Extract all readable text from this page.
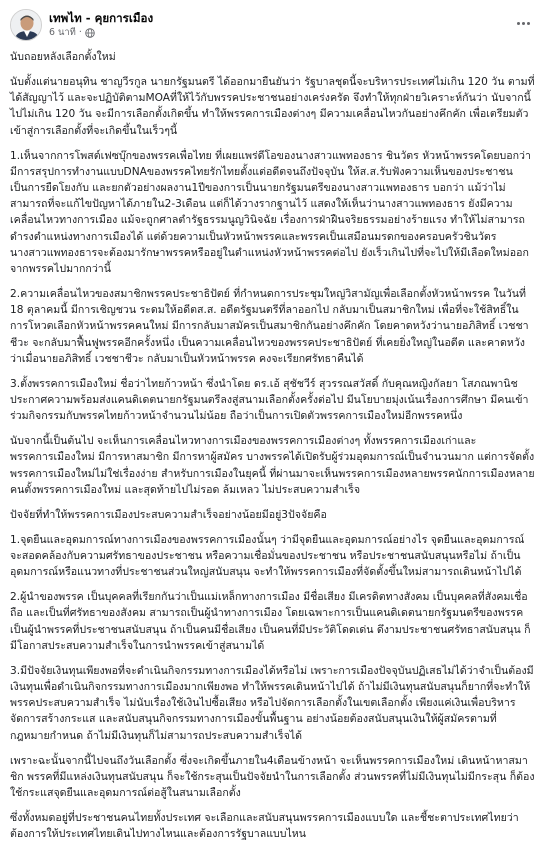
เทพไท - คุยการเมือง
6 นาที ·

นับถอยหลังเลือกตั้งใหม่

นับตั้งแต่นายอนุทิน ชาญวีรกูล นายกรัฐมนตรี ได้ออกมายืนยันว่า รัฐบาลชุดนี้จะบริหารประเทศไม่เกิน 120 วัน ตามที่ได้สัญญาไว้ และจะปฏิบัติตามMOAที่ให้ไว้กับพรรคประชาชนอย่างเคร่งครัด จึงทำให้ทุกฝ่ายวิเคราะห์กันว่า นับจากนี้ไปไม่เกิน 120 วัน จะมีการเลือกตั้งเกิดขึ้น ทำให้พรรคการเมืองต่างๆ มีความเคลื่อนไหวกันอย่างคึกคัก เพื่อเตรียมตัวเข้าสู่การเลือกตั้งที่จะเกิดขึ้นในเร็วๆนี้

1.เห็นจากการโพสต์เฟซบุ๊กของพรรคเพื่อไทย ที่เผยแพร่ดีโอของนางสาวแพทองธาร ชินวัตร หัวหน้าพรรคโดยบอกว่า มีการสรุปการทำงานแบบDNAของพรรคไทยรักไทยตั้งแต่อดีตจนถึงปัจจุบัน ให้ส.ส.รับฟังความเห็นของประชาชน เป็นการยืดโยงกับ และยกตัวอย่างผลงาน1ปีของการเป็นนายกรัฐมนตรีของนางสาวแพทองธาร บอกว่า แม้ว่าไม่สามารถที่จะแก้ไขปัญหาได้ภายใน2-3เดือน แต่ก็ได้วางรากฐานไว้ แสดงให้เห็นว่านางสาวแพทองธาร ยังมีความเคลื่อนไหวทางการเมือง แม้จะถูกศาลตำรัฐธรรมนูญวินิจฉัย เรื่องการฝ่าฝืนจริยธรรมอย่างร้ายแรง ทำให้ไม่สามารถดำรงตำแหน่งทางการเมืองได้ แต่ด้วยความเป็นหัวหน้าพรรคและพรรคเป็นเสมือนมรดกของครอบครัวชินวัตร นางสาวแพทองธารจะต้องมารักษาพรรคหรืออยู่ในตำแหน่งหัวหน้าพรรคต่อไป ยังเร็วเกินไปที่จะไปให้มีเลือดใหม่ออกจากพรรคไปมากกว่านี้

2.ความเคลื่อนไหวของสมาชิกพรรคประชาธิปัตย์ ที่กำหนดการประชุมใหญ่วิสามัญเพื่อเลือกตั้งหัวหน้าพรรค ในวันที่ 18 ตุลาคมนี้ มีการเชิญชวน ระดมให้อดีตส.ส. อดีตรัฐมนตรีที่ลาออกไป กลับมาเป็นสมาชิกใหม่ เพื่อที่จะใช้สิทธิ์ในการโหวตเลือกหัวหน้าพรรคคนใหม่ มีการกลับมาสมัครเป็นสมาชิกกันอย่างคึกคัก โดยคาดหวังว่านายอภิสิทธิ์ เวชชาชีวะ จะกลับมาฟื้นฟูพรรคอีกครั้งหนึ่ง เป็นความเคลื่อนไหวของพรรคประชาธิปัตย์ ที่เคยยิ่งใหญ่ในอดีต และคาดหวังว่าเมื่อนายอภิสิทธิ์ เวชชาชีวะ กลับมาเป็นหัวหน้าพรรค คงจะเรียกศรัทธาคืนได้

3.ตั้งพรรคการเมืองใหม่ ชื่อว่าไทยก้าวหน้า ซึ่งนำโดย ดร.เอ้ สุชัชวีร์ สุวรรณสวัสดิ์ กับคุณหญิงกัลยา โสภณพานิช ประกาศความพร้อมส่งแคนดิเดตนายกรัฐมนตรีลงสู่สนามเลือกตั้งครั้งต่อไป มีนโยบายมุ่งเน้นเรื่องการศึกษา มีคนเข้าร่วมกิจกรรมกับพรรคไทยก้าวหน้าจำนวนไม่น้อย ถือว่าเป็นการเปิดตัวพรรคการเมืองใหม่อีกพรรคหนึ่ง

นับจากนี้เป็นต้นไป จะเห็นการเคลื่อนไหวทางการเมืองของพรรคการเมืองต่างๆ ทั้งพรรคการเมืองเก่าและพรรคการเมืองใหม่ มีการหาสมาชิก มีการหาผู้สมัคร บางพรรคได้เปิดรับผู้ร่วมอุดมการณ์เป็นจำนวนมาก แต่การจัดตั้งพรรคการเมืองใหม่ไม่ใช่เรื่องง่าย สำหรับการเมืองในยุคนี้ ที่ผ่านมาจะเห็นพรรคการเมืองหลายพรรคนักการเมืองหลายคนตั้งพรรคการเมืองใหม่ และสุดท้ายไปไม่รอด ล้มเหลว ไม่ประสบความสำเร็จ

ปัจจัยที่ทำให้พรรคการเมืองประสบความสำเร็จอย่างน้อยมีอยู่3ปัจจัยคือ

1.จุดยืนและอุดมการณ์ทางการเมืองของพรรคการเมืองนั้นๆ ว่ามีจุดยืนและอุดมการณ์อย่างไร จุดยืนและอุดมการณ์จะสอดคล้องกับความศรัทธาของประชาชน หรือความเชื่อมั่นของประชาชน หรือประชาชนสนับสนุนหรือไม่ ถ้าเป็นอุดมการณ์หรือแนวทางที่ประชาชนส่วนใหญ่สนับสนุน จะทำให้พรรคการเมืองที่จัดตั้งขึ้นใหม่สามารถเดินหน้าไปได้

2.ผู้นำของพรรค เป็นบุคคลที่เรียกกันว่าเป็นแม่เหล็กทางการเมือง มีชื่อเสียง มีเครดิตทางสังคม เป็นบุคคลที่สังคมเชื่อถือ และเป็นที่ศรัทธาของสังคม สามารถเป็นผู้นำทางการเมือง โดยเฉพาะการเป็นแคนดิเดตนายกรัฐมนตรีของพรรค เป็นผู้นำพรรคที่ประชาชนสนับสนุน ถ้าเป็นคนมีชื่อเสียง เป็นคนที่มีประวัติโดดเด่น ดึงามประชาชนศรัทธาสนับสนุน ก็มีโอกาสประสบความสำเร็จในการนำพรรคเข้าสู่สนามได้

3.มีปัจจัยเงินทุนเพียงพอที่จะดำเนินกิจกรรมทางการเมืองได้หรือไม่ เพราะการเมืองปัจจุบันปฏิเสธไม่ได้ว่าจำเป็นต้องมีเงินทุนเพื่อดำเนินกิจกรรมทางการเมืองมากเพียงพอ ทำให้พรรคเดินหน้าไปได้ ถ้าไม่มีเงินทุนสนับสนุนก็ยากที่จะทำให้พรรคประสบความสำเร็จ ไม่นับเรื่องใช้เงินไปซื้อเสียง หรือไปจัดการเลือกตั้งในเขตเลือกตั้ง เพียงแค่เงินเพื่อบริหารจัดการสร้างกระแส และสนับสนุนกิจกรรมทางการเมืองขั้นพื้นฐาน อย่างน้อยต้องสนับสนุนเงินให้ผู้สมัครตามที่กฎหมายกำหนด ถ้าไม่มีเงินทุนก็ไม่สามารถประสบความสำเร็จได้

เพราะฉะนั้นจากนี้ไปจนถึงวันเลือกตั้ง ซึ่งจะเกิดขึ้นภายใน4เดือนข้างหน้า จะเห็นพรรคการเมืองใหม่ เดินหน้าหาสมาชิก พรรคที่มีแหล่งเงินทุนสนับสนุน ก็จะใช้กระสุนเป็นปัจจัยนำในการเลือกตั้ง ส่วนพรรคที่ไม่มีเงินทุนไม่มีกระสุน ก็ต้องใช้กระแสจุดยืนและอุดมการณ์ต่อสู้ในสนามเลือกตั้ง

ซึ่งทั้งหมดอยู่ที่ประชาชนคนไทยทั้งประเทศ จะเลือกและสนับสนุนพรรคการเมืองแบบใด และชี้ชะตาประเทศไทยว่า ต้องการให้ประเทศไทยเดินไปทางไหนและต้องการรัฐบาลแบบไหน
